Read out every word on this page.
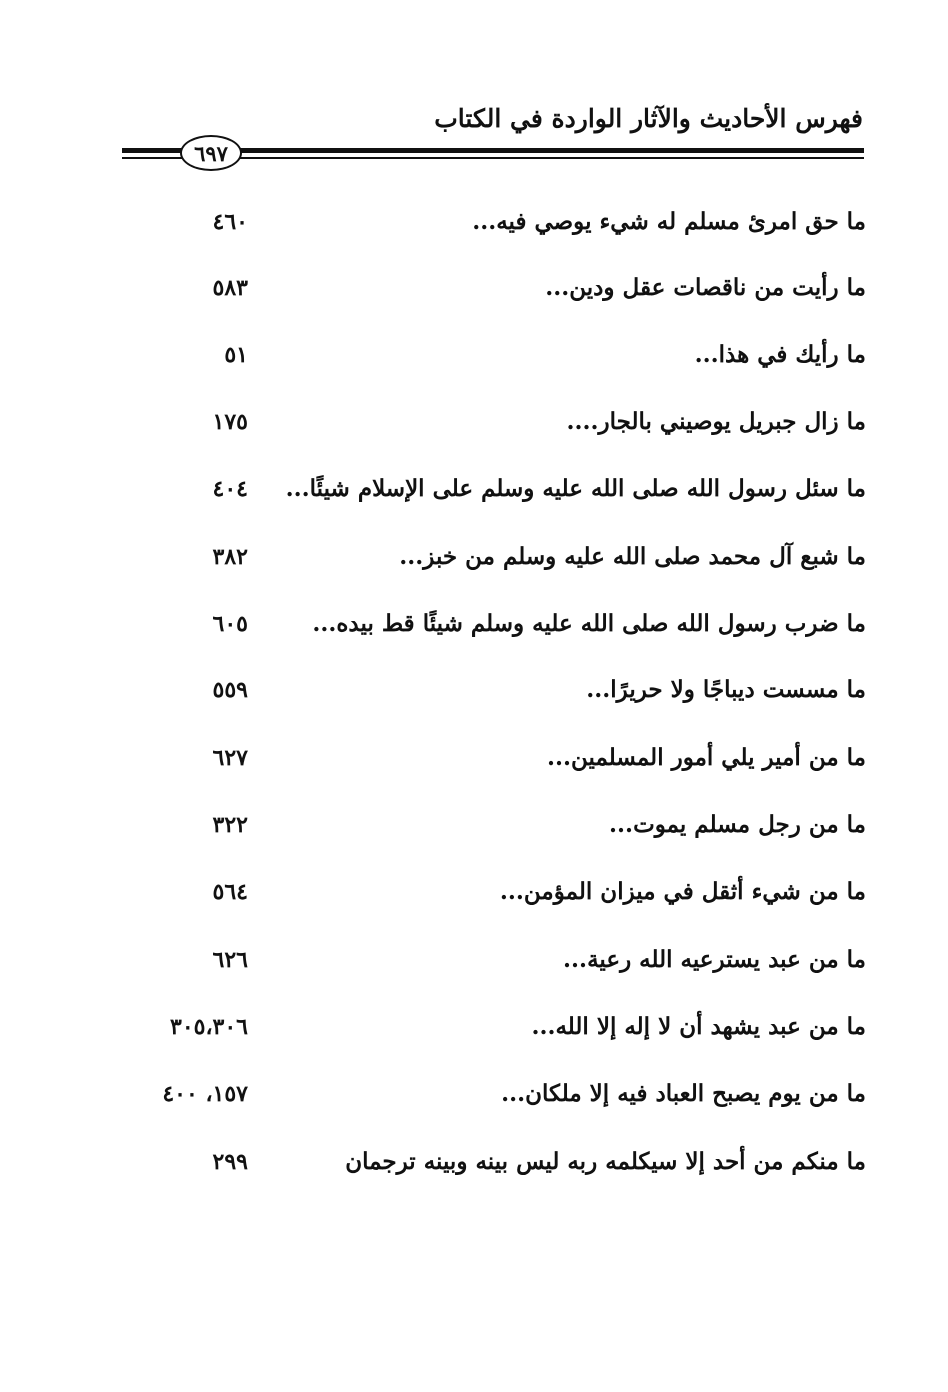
فهرس الأحاديث والآثار الواردة في الكتاب
٦٩٧
ما حق امرئ مسلم له شيء يوصي فيه...
٤٦٠
ما رأيت من ناقصات عقل ودين...
٥٨٣
ما رأيك في هذا...
٥١
ما زال جبريل يوصيني بالجار....
١٧٥
ما سئل رسول الله صلى الله عليه وسلم على الإسلام شيئًا...
٤٠٤
ما شبع آل محمد صلى الله عليه وسلم من خبز...
٣٨٢
ما ضرب رسول الله صلى الله عليه وسلم شيئًا قط بيده...
٦٠٥
ما مسست ديباجًا ولا حريرًا...
٥٥٩
ما من أمير يلي أمور المسلمين...
٦٢٧
ما من رجل مسلم يموت...
٣٢٢
ما من شيء أثقل في ميزان المؤمن...
٥٦٤
ما من عبد يسترعيه الله رعية...
٦٢٦
ما من عبد يشهد أن لا إله إلا الله...
٣٠٥،٣٠٦
ما من يوم يصبح العباد فيه إلا ملكان...
١٥٧، ٤٠٠
ما منكم من أحد إلا سيكلمه ربه ليس بينه وبينه ترجمان
٢٩٩
